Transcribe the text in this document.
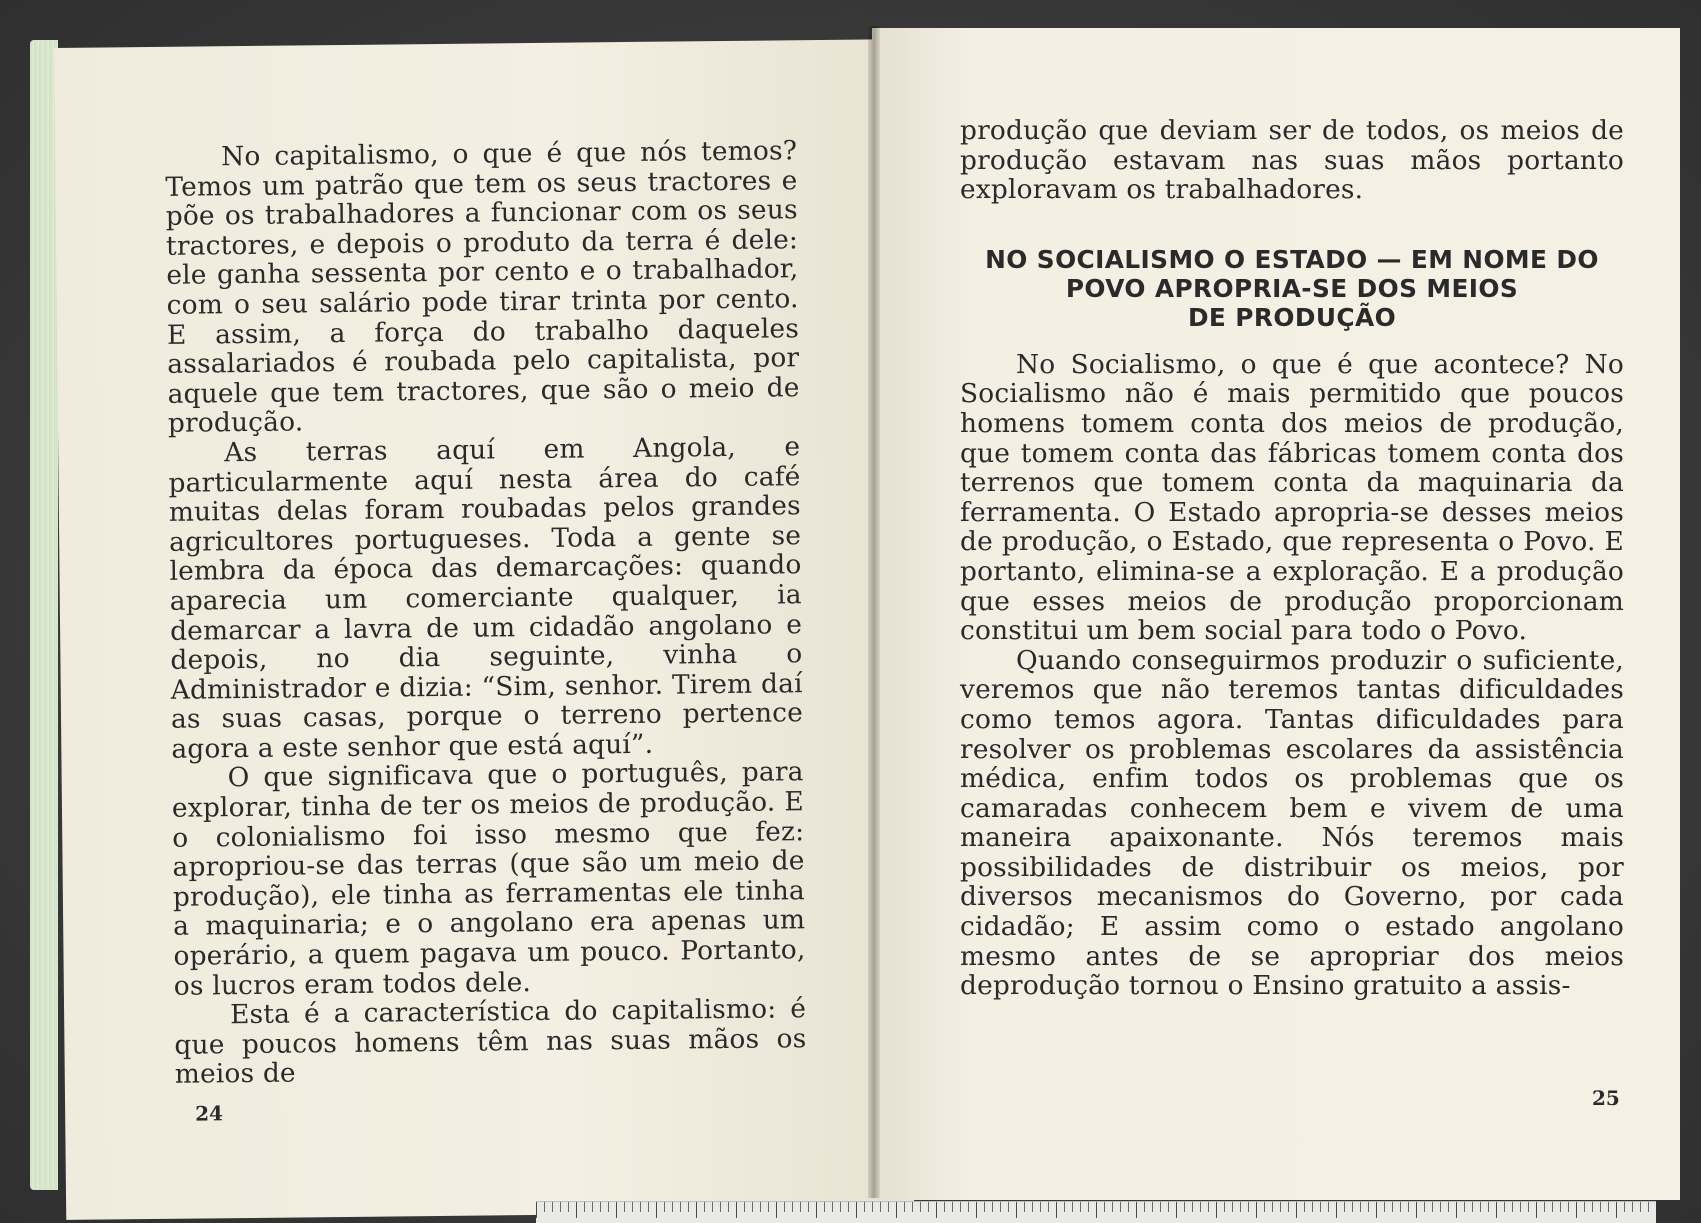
No capitalismo, o que é que nós temos? Temos um patrão que tem os seus tractores e põe os trabalhadores a funcionar com os seus tractores, e depois o produto da terra é dele: ele ganha sessenta por cento e o trabalhador, com o seu salário pode tirar trinta por cento. E assim, a força do trabalho daqueles assalariados é roubada pelo capitalista, por aquele que tem tractores, que são o meio de produção.

As terras aquí em Angola, e particularmente aquí nesta área do café muitas delas foram roubadas pelos grandes agricultores portugueses. Toda a gente se lembra da época das demarcações: quando aparecia um comerciante qualquer, ia demarcar a lavra de um cidadão angolano e depois, no dia seguinte, vinha o Administrador e dizia: “Sim, senhor. Tirem daí as suas casas, porque o terreno pertence agora a este senhor que está aquí”.

O que significava que o português, para explorar, tinha de ter os meios de produção. E o colonialismo foi isso mesmo que fez: apropriou-se das terras (que são um meio de produção), ele tinha as ferramentas ele tinha a maquinaria; e o angolano era apenas um operário, a quem pagava um pouco. Portanto, os lucros eram todos dele.

Esta é a característica do capitalismo: é que poucos homens têm nas suas mãos os meios de

24

produção que deviam ser de todos, os meios de produção estavam nas suas mãos portanto exploravam os trabalhadores.

NO SOCIALISMO O ESTADO — EM NOME DO
POVO APROPRIA-SE DOS MEIOS
DE PRODUÇÃO

No Socialismo, o que é que acontece? No Socialismo não é mais permitido que poucos homens tomem conta dos meios de produção, que tomem conta das fábricas tomem conta dos terrenos que tomem conta da maquinaria da ferramenta. O Estado apropria-se desses meios de produção, o Estado, que representa o Povo. E portanto, elimina-se a exploração. E a produção que esses meios de produção proporcionam constitui um bem social para todo o Povo.

Quando conseguirmos produzir o suficiente, veremos que não teremos tantas dificuldades como temos agora. Tantas dificuldades para resolver os problemas escolares da assistência médica, enfim todos os problemas que os camaradas conhecem bem e vivem de uma maneira apaixonante. Nós teremos mais possibilidades de distribuir os meios, por diversos mecanismos do Governo, por cada cidadão; E assim como o estado angolano mesmo antes de se apropriar dos meios deprodução tornou o Ensino gratuito a assis-

25
